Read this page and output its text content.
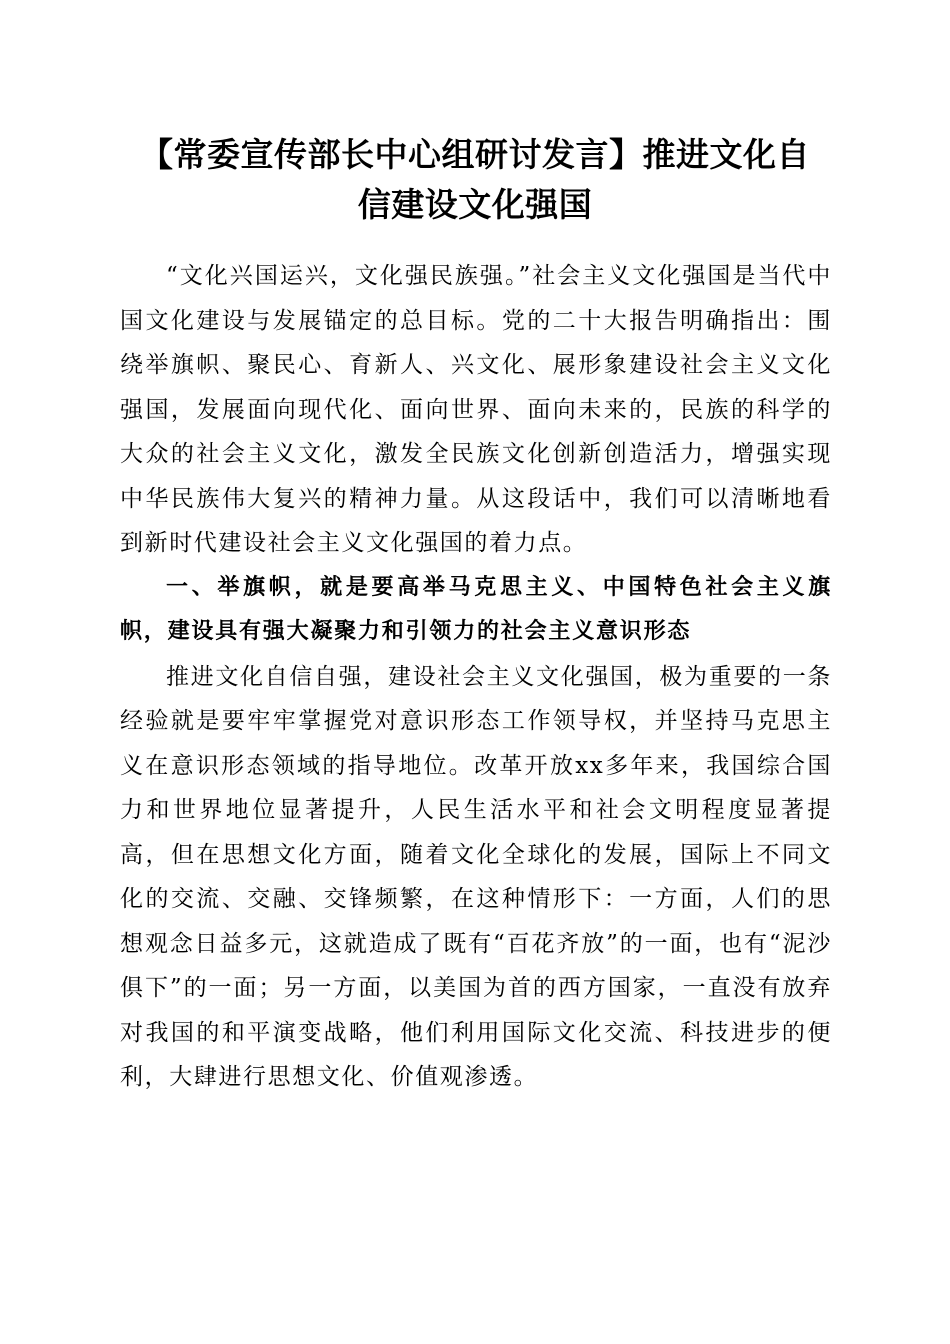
【常委宣传部长中心组研讨发言】推进文化自
信建设文化强国

“文化兴国运兴，文化强民族强。”社会主义文化强国是当代中国文化建设与发展锚定的总目标。党的二十大报告明确指出：围绕举旗帜、聚民心、育新人、兴文化、展形象建设社会主义文化强国，发展面向现代化、面向世界、面向未来的，民族的科学的大众的社会主义文化，激发全民族文化创新创造活力，增强实现中华民族伟大复兴的精神力量。从这段话中，我们可以清晰地看到新时代建设社会主义文化强国的着力点。

一、举旗帜，就是要高举马克思主义、中国特色社会主义旗帜，建设具有强大凝聚力和引领力的社会主义意识形态

推进文化自信自强，建设社会主义文化强国，极为重要的一条经验就是要牢牢掌握党对意识形态工作领导权，并坚持马克思主义在意识形态领域的指导地位。改革开放xx多年来，我国综合国力和世界地位显著提升，人民生活水平和社会文明程度显著提高，但在思想文化方面，随着文化全球化的发展，国际上不同文化的交流、交融、交锋频繁，在这种情形下：一方面，人们的思想观念日益多元，这就造成了既有“百花齐放”的一面，也有“泥沙俱下”的一面；另一方面，以美国为首的西方国家，一直没有放弃对我国的和平演变战略，他们利用国际文化交流、科技进步的便利，大肆进行思想文化、价值观渗透。
